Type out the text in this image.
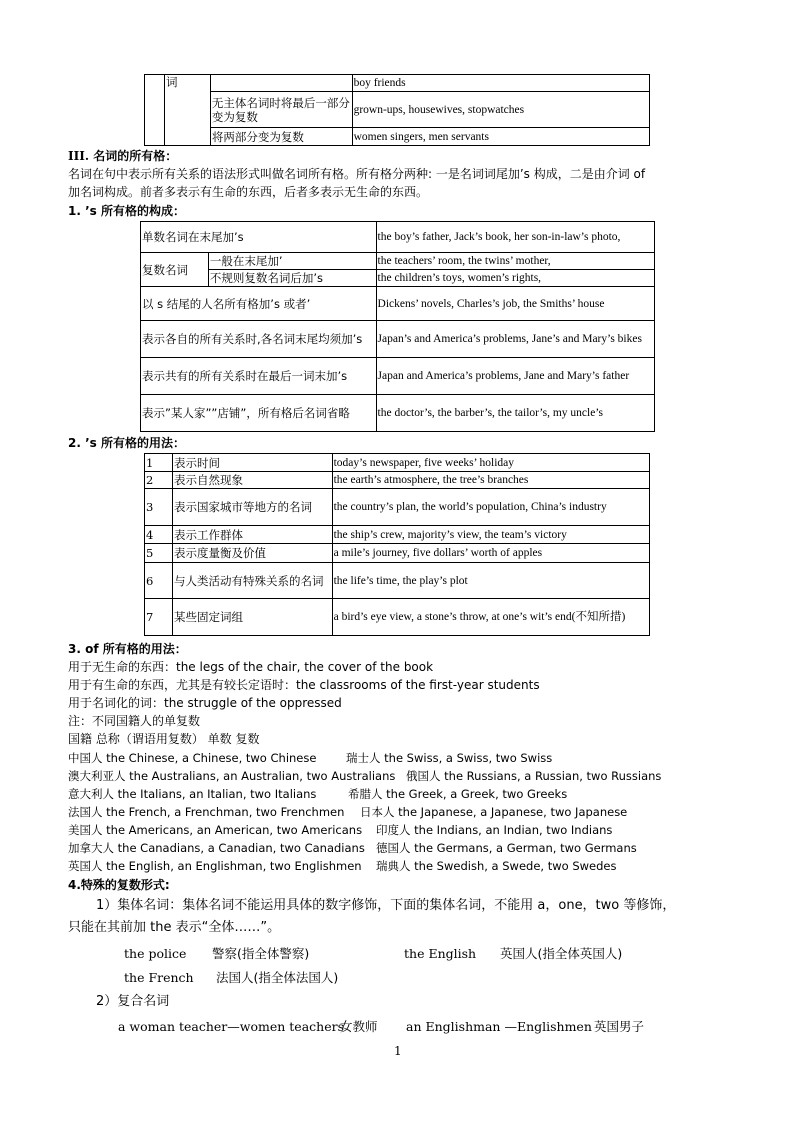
	词		boy friends
		无主体名词时将最后一部分变为复数	grown-ups, housewives, stopwatches
		将两部分变为复数	women singers, men servants
III. 名词的所有格：
名词在句中表示所有关系的语法形式叫做名词所有格。所有格分两种: 一是名词词尾加’s 构成，二是由介词 of
加名词构成。前者多表示有生命的东西，后者多表示无生命的东西。
1. ’s 所有格的构成：
单数名词在末尾加’s		the boy’s father, Jack’s book, her son-in-law’s photo,
复数名词	一般在末尾加’	the teachers’ room, the twins’ mother,
	不规则复数名词后加’s	the children’s toys, women’s rights,
以 s 结尾的人名所有格加’s 或者’		Dickens’ novels, Charles’s job, the Smiths’ house
表示各自的所有关系时,各名词末尾均须加’s		Japan’s and America’s problems, Jane’s and Mary’s bikes
表示共有的所有关系时在最后一词末加’s		Japan and America’s problems, Jane and Mary’s father
表示”某人家””店铺”，所有格后名词省略		the doctor’s, the barber’s, the tailor’s, my uncle’s
2. ’s 所有格的用法：
1	表示时间	today’s newspaper, five weeks’ holiday
2	表示自然现象	the earth’s atmosphere, the tree’s branches
3	表示国家城市等地方的名词	the country’s plan, the world’s population, China’s industry
4	表示工作群体	the ship’s crew, majority’s view, the team’s victory
5	表示度量衡及价值	a mile’s journey, five dollars’ worth of apples
6	与人类活动有特殊关系的名词	the life’s time, the play’s plot
7	某些固定词组	a bird’s eye view, a stone’s throw, at one’s wit’s end(不知所措)
3. of 所有格的用法：
用于无生命的东西：the legs of the chair, the cover of the book
用于有生命的东西，尤其是有较长定语时：the classrooms of the first-year students
用于名词化的词：the struggle of the oppressed
注：不同国籍人的单复数
国籍 总称（谓语用复数） 单数 复数
中国人 the Chinese, a Chinese, two Chinese	瑞士人 the Swiss, a Swiss, two Swiss
澳大利亚人 the Australians, an Australian, two Australians 俄国人 the Russians, a Russian, two Russians
意大利人 the Italians, an Italian, two Italians	希腊人 the Greek, a Greek, two Greeks
法国人 the French, a Frenchman, two Frenchmen 日本人 the Japanese, a Japanese, two Japanese
美国人 the Americans, an American, two Americans 印度人 the Indians, an Indian, two Indians
加拿大人 the Canadians, a Canadian, two Canadians 德国人 the Germans, a German, two Germans
英国人 the English, an Englishman, two Englishmen 瑞典人 the Swedish, a Swede, two Swedes
4.特殊的复数形式:
1）集体名词：集体名词不能运用具体的数字修饰，下面的集体名词，不能用 a，one，two 等修饰，
只能在其前加 the 表示“全体……”。
the police 警察(指全体警察)	the English 英国人(指全体英国人)
the French 法国人(指全体法国人)
2）复合名词
a woman teacher—women teachers
女教师 an Englishman —Englishmen 英国男子
1
